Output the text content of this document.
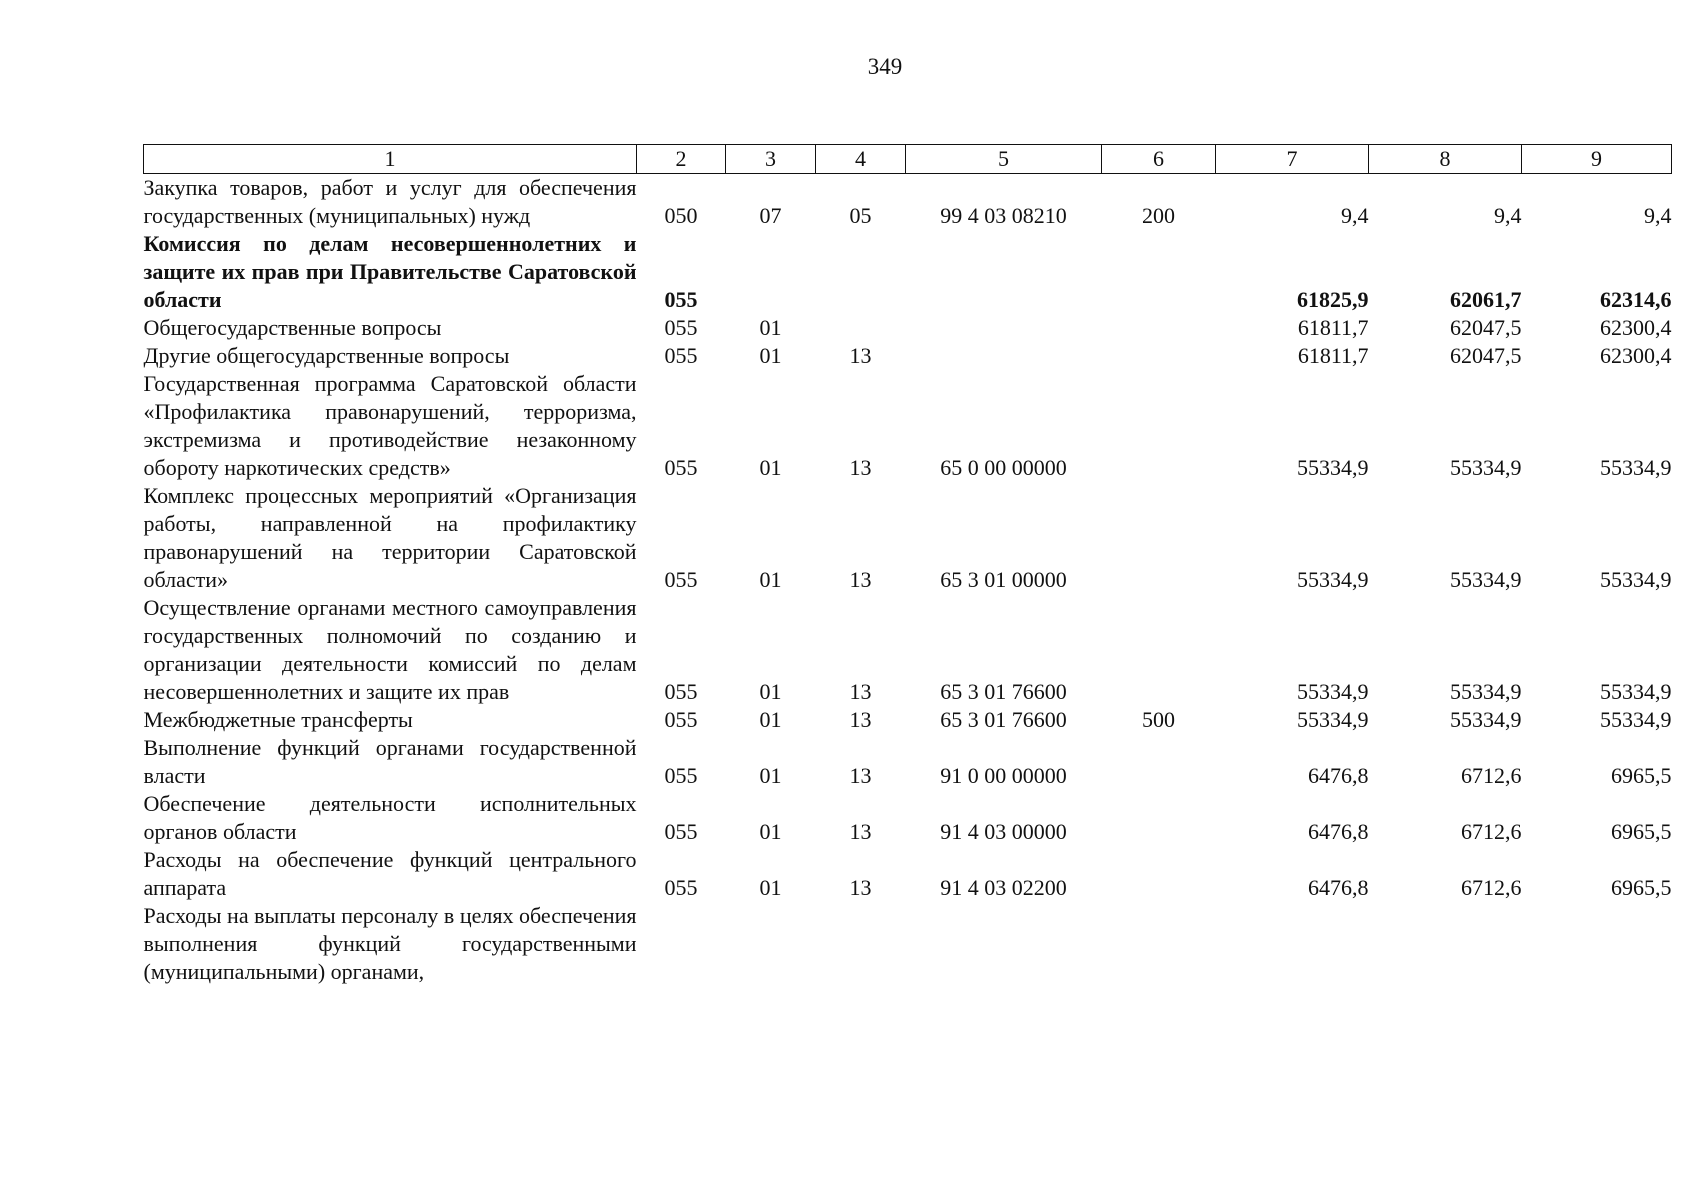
349
1	2	3	4	5	6	7	8	9
Закупка товаров, работ и услуг для обеспечения государственных (муниципальных) нужд	050	07	05	99 4 03 08210	200	9,4	9,4	9,4
Комиссия по делам несовершеннолетних и защите их прав при Правительстве Саратовской области	055					61825,9	62061,7	62314,6
Общегосударственные вопросы	055	01				61811,7	62047,5	62300,4
Другие общегосударственные вопросы	055	01	13			61811,7	62047,5	62300,4
Государственная программа Саратовской области «Профилактика правонарушений, терроризма, экстремизма и противодействие незаконному обороту наркотических средств»	055	01	13	65 0 00 00000		55334,9	55334,9	55334,9
Комплекс процессных мероприятий «Организация работы, направленной на профилактику правонарушений на территории Саратовской области»	055	01	13	65 3 01 00000		55334,9	55334,9	55334,9
Осуществление органами местного самоуправления государственных полномочий по созданию и организации деятельности комиссий по делам несовершеннолетних и защите их прав	055	01	13	65 3 01 76600		55334,9	55334,9	55334,9
Межбюджетные трансферты	055	01	13	65 3 01 76600	500	55334,9	55334,9	55334,9
Выполнение функций органами государственной власти	055	01	13	91 0 00 00000		6476,8	6712,6	6965,5
Обеспечение деятельности исполнительных органов области	055	01	13	91 4 03 00000		6476,8	6712,6	6965,5
Расходы на обеспечение функций центрального аппарата	055	01	13	91 4 03 02200		6476,8	6712,6	6965,5
Расходы на выплаты персоналу в целях обеспечения выполнения функций государственными (муниципальными) органами,								
